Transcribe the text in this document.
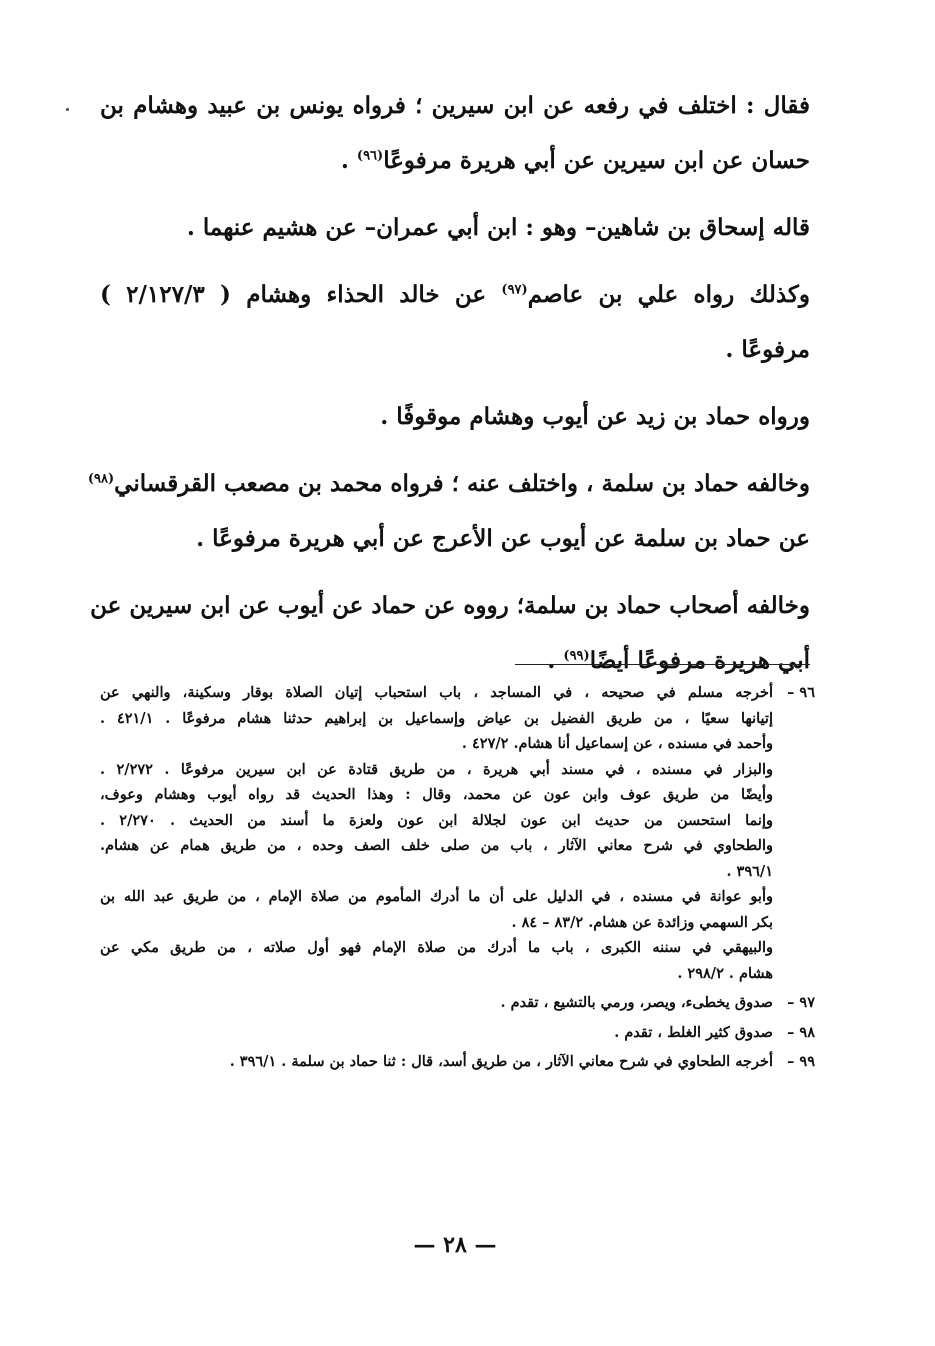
فقال : اختلف في رفعه عن ابن سيرين ؛ فرواه يونس بن عبيد وهشام بن
حسان عن ابن سيرين عن أبي هريرة مرفوعًا$^{(٩٦)}$ .

قاله إسحاق بن شاهين– وهو : ابن أبي عمران– عن هشيم عنهما .

وكذلك رواه علي بن عاصم$^{(٩٧)}$ عن خالد الحذاء وهشام ( ٢/١٢٧/٣ )
مرفوعًا .

ورواه حماد بن زيد عن أيوب وهشام موقوفًا .

وخالفه حماد بن سلمة ، واختلف عنه ؛ فرواه محمد بن مصعب القرقساني$^{(٩٨)}$
عن حماد بن سلمة عن أيوب عن الأعرج عن أبي هريرة مرفوعًا .

وخالفه أصحاب حماد بن سلمة؛ رووه عن حماد عن أيوب عن ابن سيرين عن
أبي هريرة مرفوعًا أيضًا$^{(٩٩)}$ .

٩٦ –
أخرجه مسلم في صحيحه ، في المساجد ، باب استحباب إتيان الصلاة بوقار وسكينة، والنهي عن
إتيانها سعيًا ، من طريق الفضيل بن عياض وإسماعيل بن إبراهيم حدثنا هشام مرفوعًا . ٤٢١/١ .
وأحمد في مسنده ، عن إسماعيل أنا هشام. ٤٢٧/٢ .
والبزار في مسنده ، في مسند أبي هريرة ، من طريق قتادة عن ابن سيرين مرفوعًا . ٢/٢٧٢ .
وأيضًا من طريق عوف وابن عون عن محمد، وقال : وهذا الحديث قد رواه أيوب وهشام وعوف،
وإنما استحسن من حديث ابن عون لجلالة ابن عون ولعزة ما أسند من الحديث . ٢/٢٧٠ .
والطحاوي في شرح معاني الآثار ، باب من صلى خلف الصف وحده ، من طريق همام عن هشام.
٣٩٦/١ .
وأبو عوانة في مسنده ، في الدليل على أن ما أدرك المأموم من صلاة الإمام ، من طريق عبد الله بن
بكر السهمي وزائدة عن هشام. ٨٣/٢ – ٨٤ .
والبيهقي في سننه الكبرى ، باب ما أدرك من صلاة الإمام فهو أول صلاته ، من طريق مكي عن
هشام . ٢٩٨/٢ .
٩٧ –
صدوق يخطىء، ويصر، ورمي بالتشيع ، تقدم .
٩٨ –
صدوق كثير الغلط ، تقدم .
٩٩ –
أخرجه الطحاوي في شرح معاني الآثار ، من طريق أسد، قال : ثنا حماد بن سلمة . ٣٩٦/١ .
— ٢٨ —
